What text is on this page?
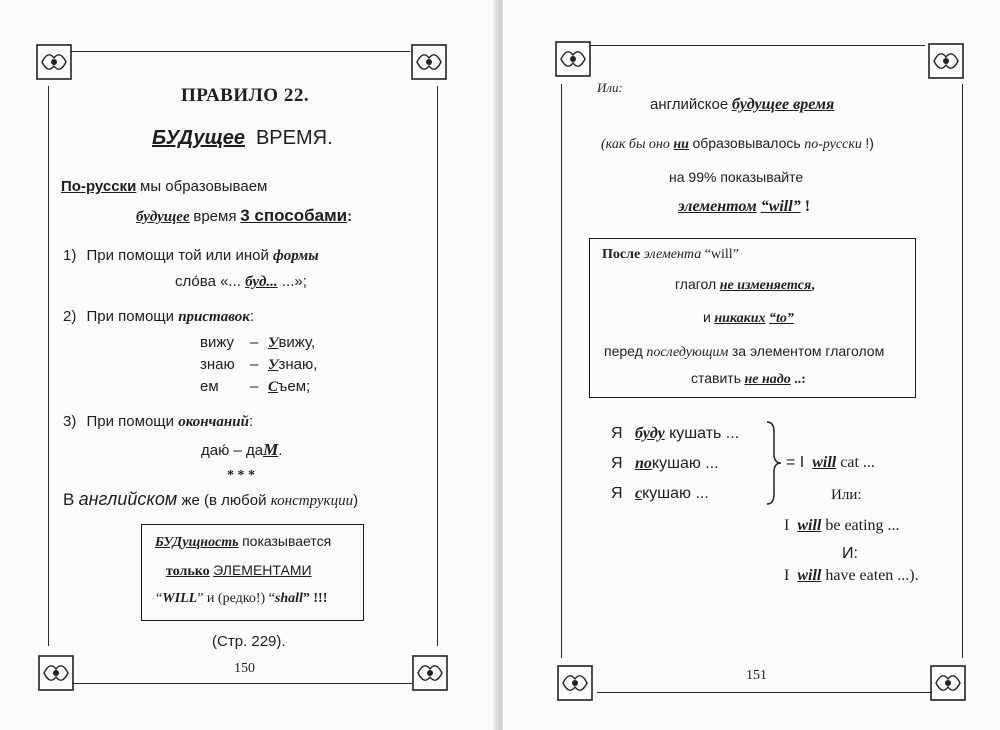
ПРАВИЛО 22.
БУДущее ВРЕМЯ.
По-русски мы образовываем
будущее время 3 способами:
1) При помощи той или иной формы
сло́ва «... буд... ...»;
2) При помощи приставок:
вижу – Увижу,
знаю – Узнаю,
ем – Съем;
3) При помощи окончаний:
даю́ – даМ.
* * *
В английском же (в любой конструкции)
БУДущность показывается
только ЭЛЕМЕНТАМИ
“WILL” и (редко!) “shall” !!!
(Стр. 229).
150
Или:
английское будущее время
(как бы оно ни образовывалось по-русски !)
на 99% показывайте
элементом “will” !
После элемента “will”
глагол не изменяется,
и никаких “to”
перед последующим за элементом глаголом
ставить не надо ..:
Я буду кушать ...
Я покушаю ...
Я скушаю ...
= I will cat ...
Или:
I will be eating ...
И:
I will have eaten ...).
151
